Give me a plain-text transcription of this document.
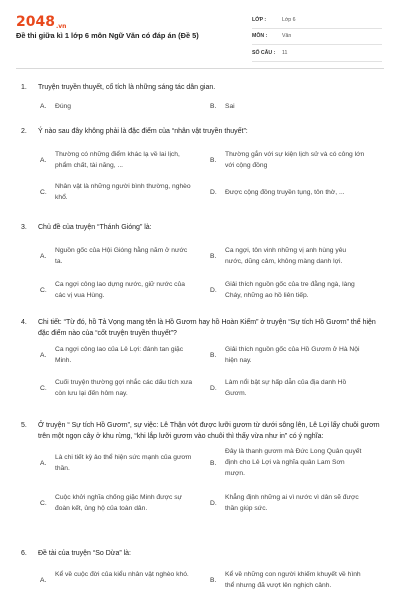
2048.vn
Đề thi giữa kì 1 lớp 6 môn Ngữ Văn có đáp án (Đề 5)
LỚP :	Lớp 6
MÔN :	Văn
SỐ CÂU :	11
1. Truyện truyền thuyết, cổ tích là những sáng tác dân gian.
A. Đúng	B. Sai
2. Ý nào sau đây không phải là đặc điểm của “nhân vật truyền thuyết”:
A.
Thường có những điểm khác lạ về lai lịch, phẩm chất, tài năng, ...
B.
Thường gắn với sự kiện lịch sử và có công lớn với cộng đồng
C.
Nhân vật là những người bình thường, nghèo khổ.
D. Được cộng đồng truyền tụng, tôn thờ, ...
3. Chủ đề của truyện “Thánh Gióng” là:
A.
Nguồn gốc của Hội Gióng hằng năm ở nước ta.
B.
Ca ngợi, tôn vinh những vị anh hùng yêu nước, dũng cảm, không màng danh lợi.
C.
Ca ngợi công lao dựng nước, giữ nước của các vị vua Hùng.
D.
Giải thích nguồn gốc của tre đằng ngà, làng Cháy, những ao hồ liên tiếp.
4. Chi tiết: “Từ đó, hồ Tả Vọng mang tên là Hồ Gươm hay hồ Hoàn Kiếm” ở truyện “Sự tích Hồ Gươm” thể hiện đặc điểm nào của “cốt truyện truyền thuyết”?
A.
Ca ngợi công lao của Lê Lợi: đánh tan giặc Minh.
B.
Giải thích nguồn gốc của Hồ Gươm ở Hà Nội hiện nay.
C.
Cuối truyện thường gợi nhắc các dấu tích xưa còn lưu lại đến hôm nay.
D.
Làm nổi bật sự hấp dẫn của địa danh Hồ Gươm.
5. Ở truyện “ Sự tích Hồ Gươm”, sự việc: Lê Thận vớt được lưỡi gươm từ dưới sông lên, Lê Lợi lấy chuôi gươm trên một ngọn cây ở khu rừng, “khi lắp lưỡi gươm vào chuôi thì thấy vừa như in” có ý nghĩa:
A.
Là chi tiết kỳ ảo thể hiện sức mạnh của gươm thần.
B.
Đây là thanh gươm mà Đức Long Quân quyết định cho Lê Lợi và nghĩa quân Lam Sơn mượn.
C.
Cuộc khởi nghĩa chống giặc Minh được sự đoàn kết, ủng hộ của toàn dân.
D.
Khẳng định những ai vì nước vì dân sẽ được thần giúp sức.
6. Đề tài của truyện “So Dừa” là:
A.
Kể về cuộc đời của kiểu nhân vật nghèo khó.
B.
Kể về những con người khiếm khuyết về hình thể nhưng đã vượt lên nghịch cảnh.
